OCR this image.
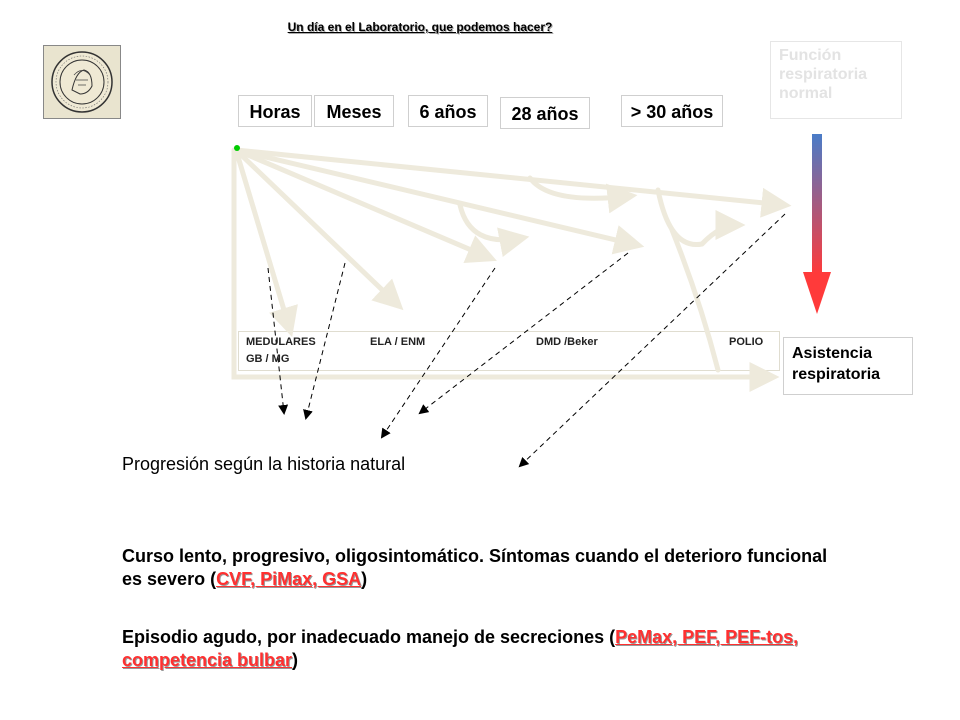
Un día en el Laboratorio, que podemos hacer?
Horas	Meses	6 años	28 años	> 30 años
Función
respiratoria
normal
MEDULARES
GB / MG
ELA / ENM	DMD /Beker	POLIO
Asistencia
respiratoria
Progresión según la historia natural
Curso lento, progresivo, oligosintomático. Síntomas cuando el deterioro funcional es severo (CVF, PiMax, GSA)
Episodio agudo, por inadecuado manejo de secreciones (PeMax, PEF, PEF-tos, competencia bulbar)
